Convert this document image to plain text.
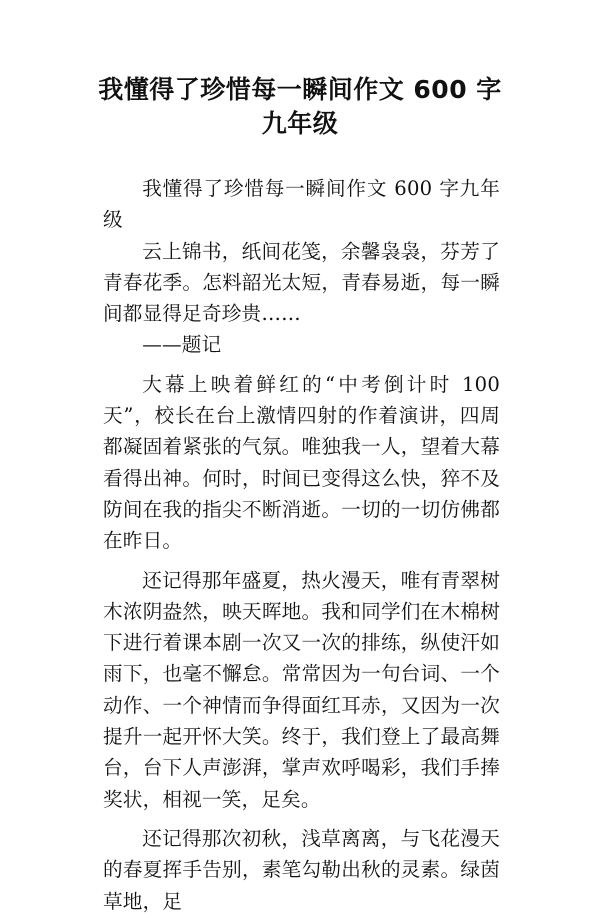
我懂得了珍惜每一瞬间作文 600 字九年级

我懂得了珍惜每一瞬间作文 600 字九年级

云上锦书，纸间花笺，余馨袅袅，芬芳了青春花季。怎料韶光太短，青春易逝，每一瞬间都显得足奇珍贵……

——题记

大幕上映着鲜红的“中考倒计时 100 天”，校长在台上激情四射的作着演讲，四周都凝固着紧张的气氛。唯独我一人，望着大幕看得出神。何时，时间已变得这么快，猝不及防间在我的指尖不断消逝。一切的一切仿佛都在昨日。

还记得那年盛夏，热火漫天，唯有青翠树木浓阴盎然，映天晖地。我和同学们在木棉树下进行着课本剧一次又一次的排练，纵使汗如雨下，也毫不懈怠。常常因为一句台词、一个动作、一个神情而争得面红耳赤，又因为一次提升一起开怀大笑。终于，我们登上了最高舞台，台下人声澎湃，掌声欢呼喝彩，我们手捧奖状，相视一笑，足矣。

还记得那次初秋，浅草离离，与飞花漫天的春夏挥手告别，素笔勾勒出秋的灵素。绿茵草地，足
